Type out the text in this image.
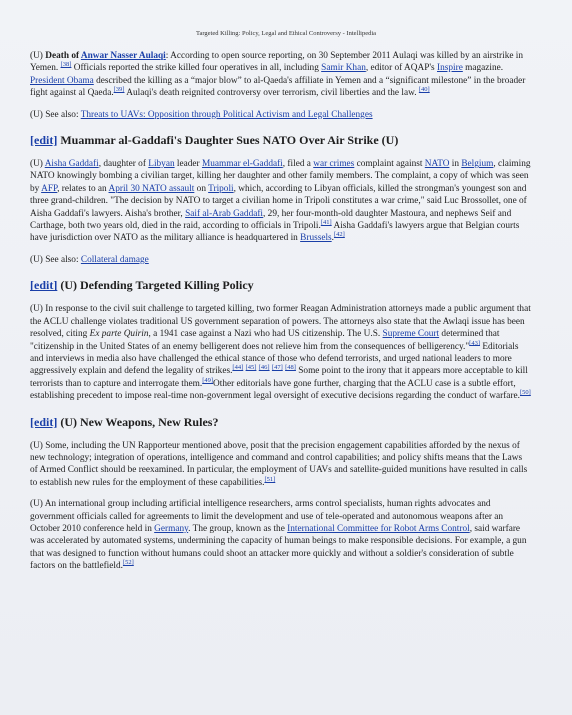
Targeted Killing: Policy, Legal and Ethical Controversy - Intellipedia

(U) Death of Anwar Nasser Aulaqi: According to open source reporting, on 30 September 2011 Aulaqi was killed by an airstrike in Yemen. [38] Officials reported the strike killed four operatives in all, including Samir Khan, editor of AQAP's Inspire magazine. President Obama described the killing as a “major blow” to al-Qaeda's affiliate in Yemen and a “significant milestone” in the broader fight against al Qaeda.[39] Aulaqi's death reignited controversy over terrorism, civil liberties and the law. [40]

(U) See also: Threats to UAVs: Opposition through Political Activism and Legal Challenges

[edit] Muammar al-Gaddafi's Daughter Sues NATO Over Air Strike (U)

(U) Aisha Gaddafi, daughter of Libyan leader Muammar el-Gaddafi, filed a war crimes complaint against NATO in Belgium, claiming NATO knowingly bombing a civilian target, killing her daughter and other family members. The complaint, a copy of which was seen by AFP, relates to an April 30 NATO assault on Tripoli, which, according to Libyan officials, killed the strongman's youngest son and three grand-children. "The decision by NATO to target a civilian home in Tripoli constitutes a war crime," said Luc Brossollet, one of Aisha Gaddafi's lawyers. Aisha's brother, Saif al-Arab Gaddafi, 29, her four-month-old daughter Mastoura, and nephews Seif and Carthage, both two years old, died in the raid, according to officials in Tripoli.[41] Aisha Gaddafi's lawyers argue that Belgian courts have jurisdiction over NATO as the military alliance is headquartered in Brussels.[42]

(U) See also: Collateral damage

[edit] (U) Defending Targeted Killing Policy

(U) In response to the civil suit challenge to targeted killing, two former Reagan Administration attorneys made a public argument that the ACLU challenge violates traditional US government separation of powers. The attorneys also state that the Awlaqi issue has been resolved, citing Ex parte Quirin, a 1941 case against a Nazi who had US citizenship. The U.S. Supreme Court determined that "citizenship in the United States of an enemy belligerent does not relieve him from the consequences of belligerency."[43] Editorials and interviews in media also have challenged the ethical stance of those who defend terrorists, and urged national leaders to more aggressively explain and defend the legality of strikes.[44] [45] [46] [47] [48] Some point to the irony that it appears more acceptable to kill terrorists than to capture and interrogate them.[49]Other editorials have gone further, charging that the ACLU case is a subtle effort, establishing precedent to impose real-time non-government legal oversight of executive decisions regarding the conduct of warfare.[50]

[edit] (U) New Weapons, New Rules?

(U) Some, including the UN Rapporteur mentioned above, posit that the precision engagement capabilities afforded by the nexus of new technology; integration of operations, intelligence and command and control capabilities; and policy shifts means that the Laws of Armed Conflict should be reexamined. In particular, the employment of UAVs and satellite-guided munitions have resulted in calls to establish new rules for the employment of these capabilities.[51]

(U) An international group including artificial intelligence researchers, arms control specialists, human rights advocates and government officials called for agreements to limit the development and use of tele-operated and autonomous weapons after an October 2010 conference held in Germany. The group, known as the International Committee for Robot Arms Control, said warfare was accelerated by automated systems, undermining the capacity of human beings to make responsible decisions. For example, a gun that was designed to function without humans could shoot an attacker more quickly and without a soldier's consideration of subtle factors on the battlefield.[52]
